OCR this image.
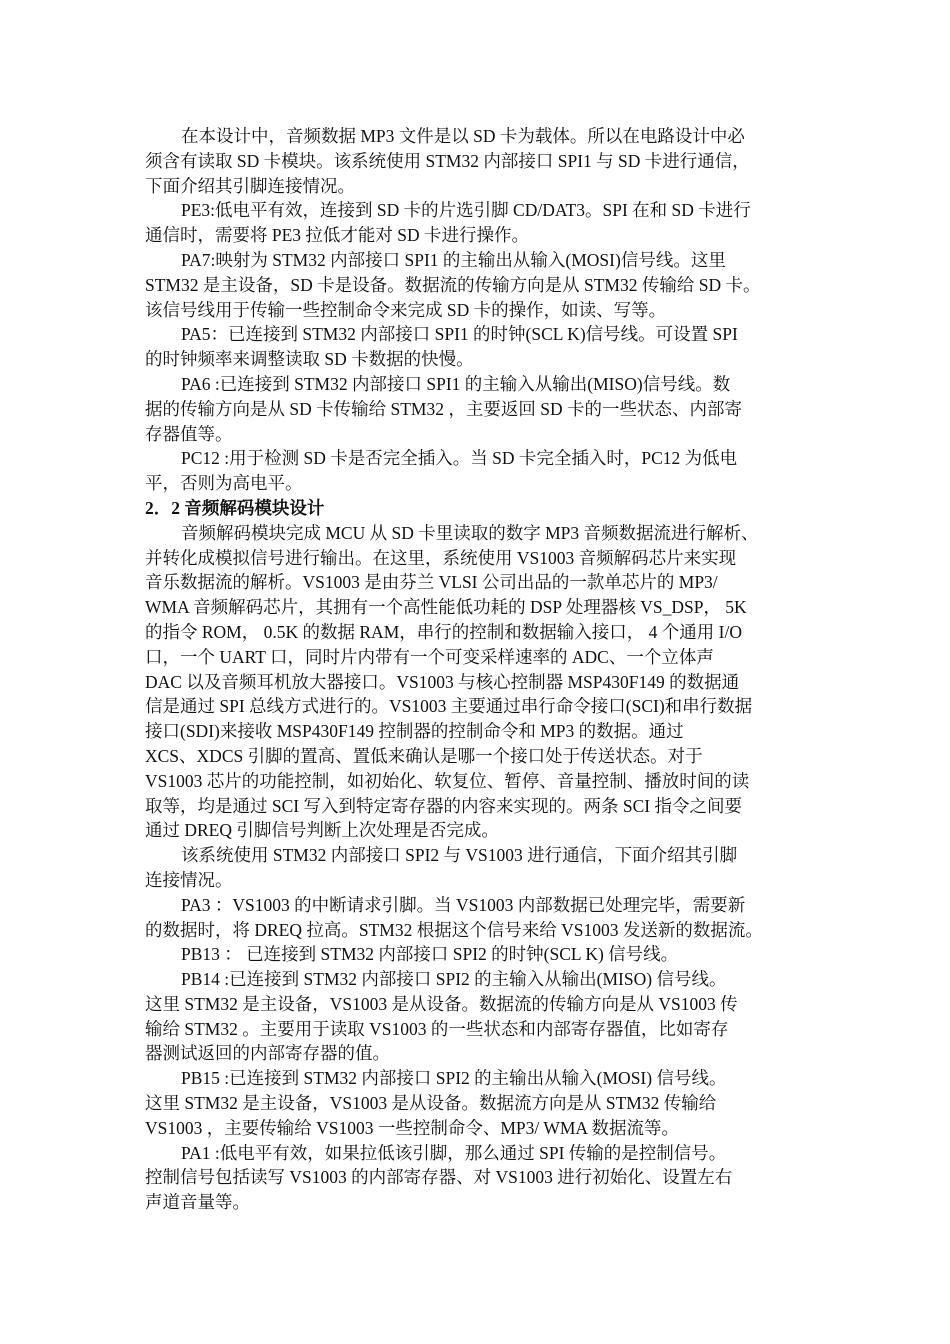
在本设计中，音频数据 MP3 文件是以 SD 卡为载体。所以在电路设计中必
须含有读取 SD 卡模块。该系统使用 STM32 内部接口 SPI1 与 SD 卡进行通信，
下面介绍其引脚连接情况。
PE3:低电平有效，连接到 SD 卡的片选引脚 CD/DAT3。SPI 在和 SD 卡进行
通信时，需要将 PE3 拉低才能对 SD 卡进行操作。
PA7:映射为 STM32 内部接口 SPI1 的主输出从输入(MOSI)信号线。这里
STM32 是主设备，SD 卡是设备。数据流的传输方向是从 STM32 传输给 SD 卡。
该信号线用于传输一些控制命令来完成 SD 卡的操作，如读、写等。
PA5：已连接到 STM32 内部接口 SPI1 的时钟(SCL K)信号线。可设置 SPI
的时钟频率来调整读取 SD 卡数据的快慢。
PA6 :已连接到 STM32 内部接口 SPI1 的主输入从输出(MISO)信号线。数
据的传输方向是从 SD 卡传输给 STM32 ，主要返回 SD 卡的一些状态、内部寄
存器值等。
PC12 :用于检测 SD 卡是否完全插入。当 SD 卡完全插入时，PC12 为低电
平，否则为高电平。
2．2 音频解码模块设计
音频解码模块完成 MCU 从 SD 卡里读取的数字 MP3 音频数据流进行解析、
并转化成模拟信号进行输出。在这里，系统使用 VS1003 音频解码芯片来实现
音乐数据流的解析。VS1003 是由芬兰 VLSI 公司出品的一款单芯片的 MP3/
WMA 音频解码芯片，其拥有一个高性能低功耗的 DSP 处理器核 VS_DSP， 5K
的指令 ROM， 0.5K 的数据 RAM，串行的控制和数据输入接口， 4 个通用 I/O
口，一个 UART 口，同时片内带有一个可变采样速率的 ADC、一个立体声
DAC 以及音频耳机放大器接口。VS1003 与核心控制器 MSP430F149 的数据通
信是通过 SPI 总线方式进行的。VS1003 主要通过串行命令接口(SCI)和串行数据
接口(SDI)来接收 MSP430F149 控制器的控制命令和 MP3 的数据。通过
XCS、XDCS 引脚的置高、置低来确认是哪一个接口处于传送状态。对于
VS1003 芯片的功能控制，如初始化、软复位、暂停、音量控制、播放时间的读
取等，均是通过 SCI 写入到特定寄存器的内容来实现的。两条 SCI 指令之间要
通过 DREQ 引脚信号判断上次处理是否完成。
该系统使用 STM32 内部接口 SPI2 与 VS1003 进行通信，下面介绍其引脚
连接情况。
PA3 ：VS1003 的中断请求引脚。当 VS1003 内部数据已处理完毕，需要新
的数据时，将 DREQ 拉高。STM32 根据这个信号来给 VS1003 发送新的数据流。
PB13 ： 已连接到 STM32 内部接口 SPI2 的时钟(SCL K) 信号线。
PB14 :已连接到 STM32 内部接口 SPI2 的主输入从输出(MISO) 信号线。
这里 STM32 是主设备，VS1003 是从设备。数据流的传输方向是从 VS1003 传
输给 STM32 。主要用于读取 VS1003 的一些状态和内部寄存器值，比如寄存
器测试返回的内部寄存器的值。
PB15 :已连接到 STM32 内部接口 SPI2 的主输出从输入(MOSI) 信号线。
这里 STM32 是主设备，VS1003 是从设备。数据流方向是从 STM32 传输给
VS1003 ，主要传输给 VS1003 一些控制命令、MP3/ WMA 数据流等。
PA1 :低电平有效，如果拉低该引脚，那么通过 SPI 传输的是控制信号。
控制信号包括读写 VS1003 的内部寄存器、对 VS1003 进行初始化、设置左右
声道音量等。
